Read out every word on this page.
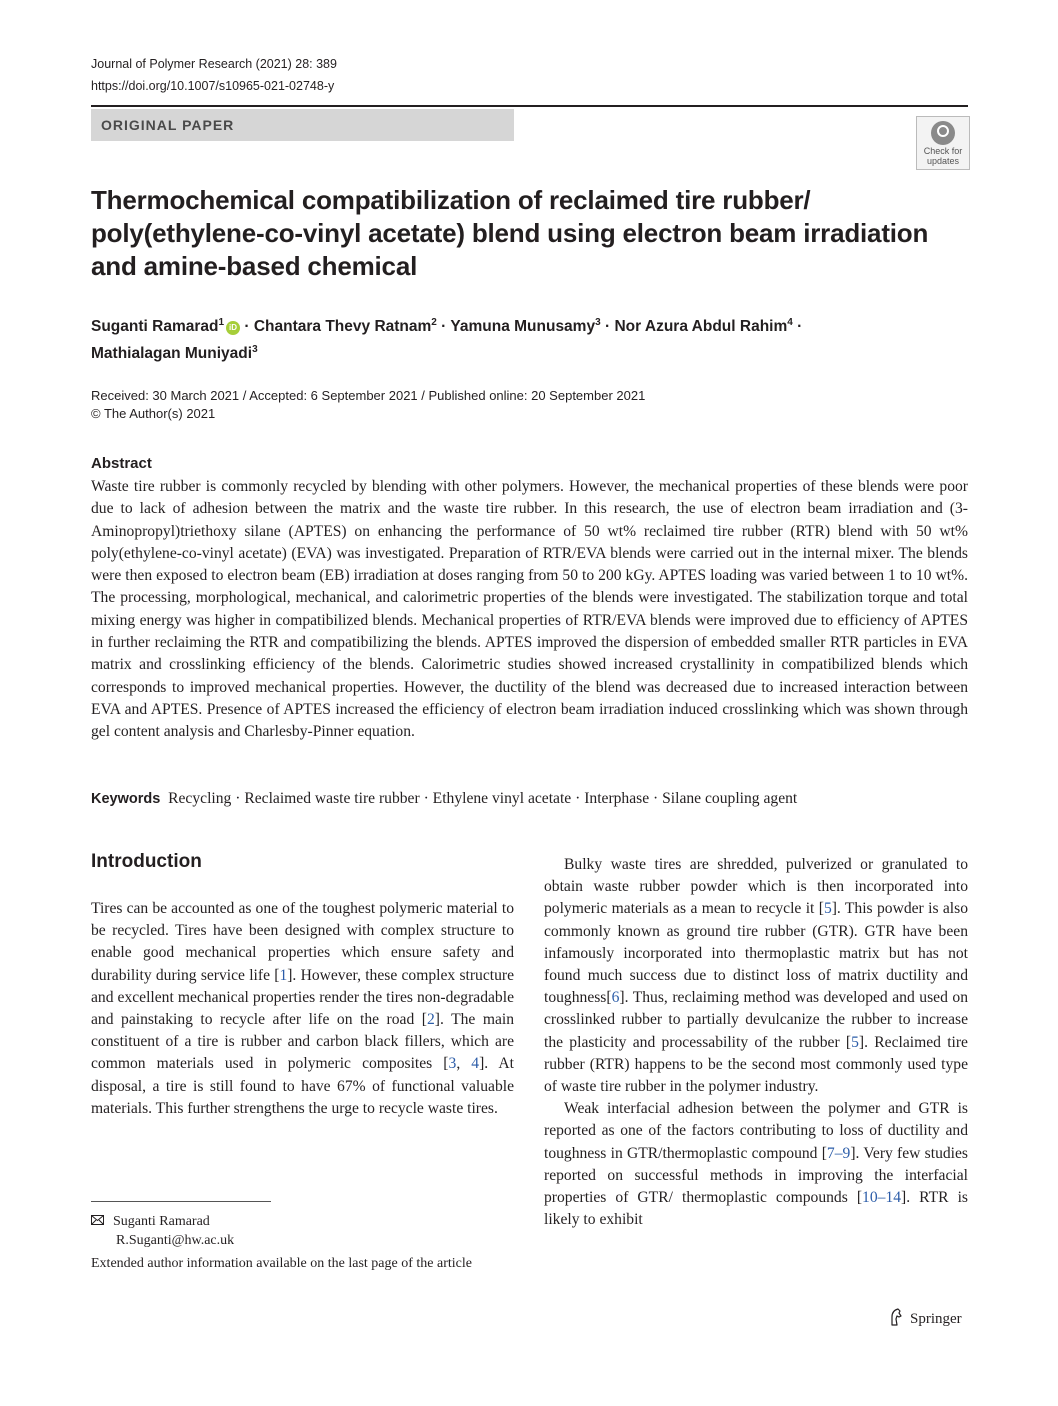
Journal of Polymer Research (2021) 28: 389
https://doi.org/10.1007/s10965-021-02748-y
ORIGINAL PAPER
Check for updates
Thermochemical compatibilization of reclaimed tire rubber/ poly(ethylene-co-vinyl acetate) blend using electron beam irradiation and amine-based chemical
Suganti Ramarad$^1$ iD · Chantara Thevy Ratnam$^2$ · Yamuna Munusamy$^3$ · Nor Azura Abdul Rahim$^4$ ·
Mathialagan Muniyadi$^3$
Received: 30 March 2021 / Accepted: 6 September 2021 / Published online: 20 September 2021
© The Author(s) 2021
Abstract
Waste tire rubber is commonly recycled by blending with other polymers. However, the mechanical properties of these blends were poor due to lack of adhesion between the matrix and the waste tire rubber. In this research, the use of electron beam irradiation and (3-Aminopropyl)triethoxy silane (APTES) on enhancing the performance of 50 wt% reclaimed tire rubber (RTR) blend with 50 wt% poly(ethylene-co-vinyl acetate) (EVA) was investigated. Preparation of RTR/EVA blends were carried out in the internal mixer. The blends were then exposed to electron beam (EB) irradiation at doses ranging from 50 to 200 kGy. APTES loading was varied between 1 to 10 wt%. The processing, morphological, mechanical, and calorimetric properties of the blends were investigated. The stabilization torque and total mixing energy was higher in compatibilized blends. Mechanical properties of RTR/EVA blends were improved due to efficiency of APTES in further reclaiming the RTR and compatibilizing the blends. APTES improved the dispersion of embedded smaller RTR particles in EVA matrix and crosslinking efficiency of the blends. Calorimetric studies showed increased crystallinity in compatibilized blends which corresponds to improved mechanical properties. However, the ductility of the blend was decreased due to increased interaction between EVA and APTES. Presence of APTES increased the efficiency of electron beam irradiation induced crosslinking which was shown through gel content analysis and Charlesby-Pinner equation.
Keywords Recycling · Reclaimed waste tire rubber · Ethylene vinyl acetate · Interphase · Silane coupling agent
Introduction

Tires can be accounted as one of the toughest polymeric material to be recycled. Tires have been designed with complex structure to enable good mechanical properties which ensure safety and durability during service life [1]. However, these complex structure and excellent mechanical properties render the tires non-degradable and painstaking to recycle after life on the road [2]. The main constituent of a tire is rubber and carbon black fillers, which are common materials used in polymeric composites [3, 4]. At disposal, a tire is still found to have 67% of functional valuable materials. This further strengthens the urge to recycle waste tires.

Bulky waste tires are shredded, pulverized or granulated to obtain waste rubber powder which is then incorporated into polymeric materials as a mean to recycle it [5]. This powder is also commonly known as ground tire rubber (GTR). GTR have been infamously incorporated into thermoplastic matrix but has not found much success due to distinct loss of matrix ductility and toughness[6]. Thus, reclaiming method was developed and used on crosslinked rubber to partially devulcanize the rubber to increase the plasticity and processability of the rubber [5]. Reclaimed tire rubber (RTR) happens to be the second most commonly used type of waste tire rubber in the polymer industry.

Weak interfacial adhesion between the polymer and GTR is reported as one of the factors contributing to loss of ductility and toughness in GTR/thermoplastic compound [7–9]. Very few studies reported on successful methods in improving the interfacial properties of GTR/ thermoplastic compounds [10–14]. RTR is likely to exhibit

Suganti Ramarad
R.Suganti@hw.ac.uk
Extended author information available on the last page of the article
Springer
